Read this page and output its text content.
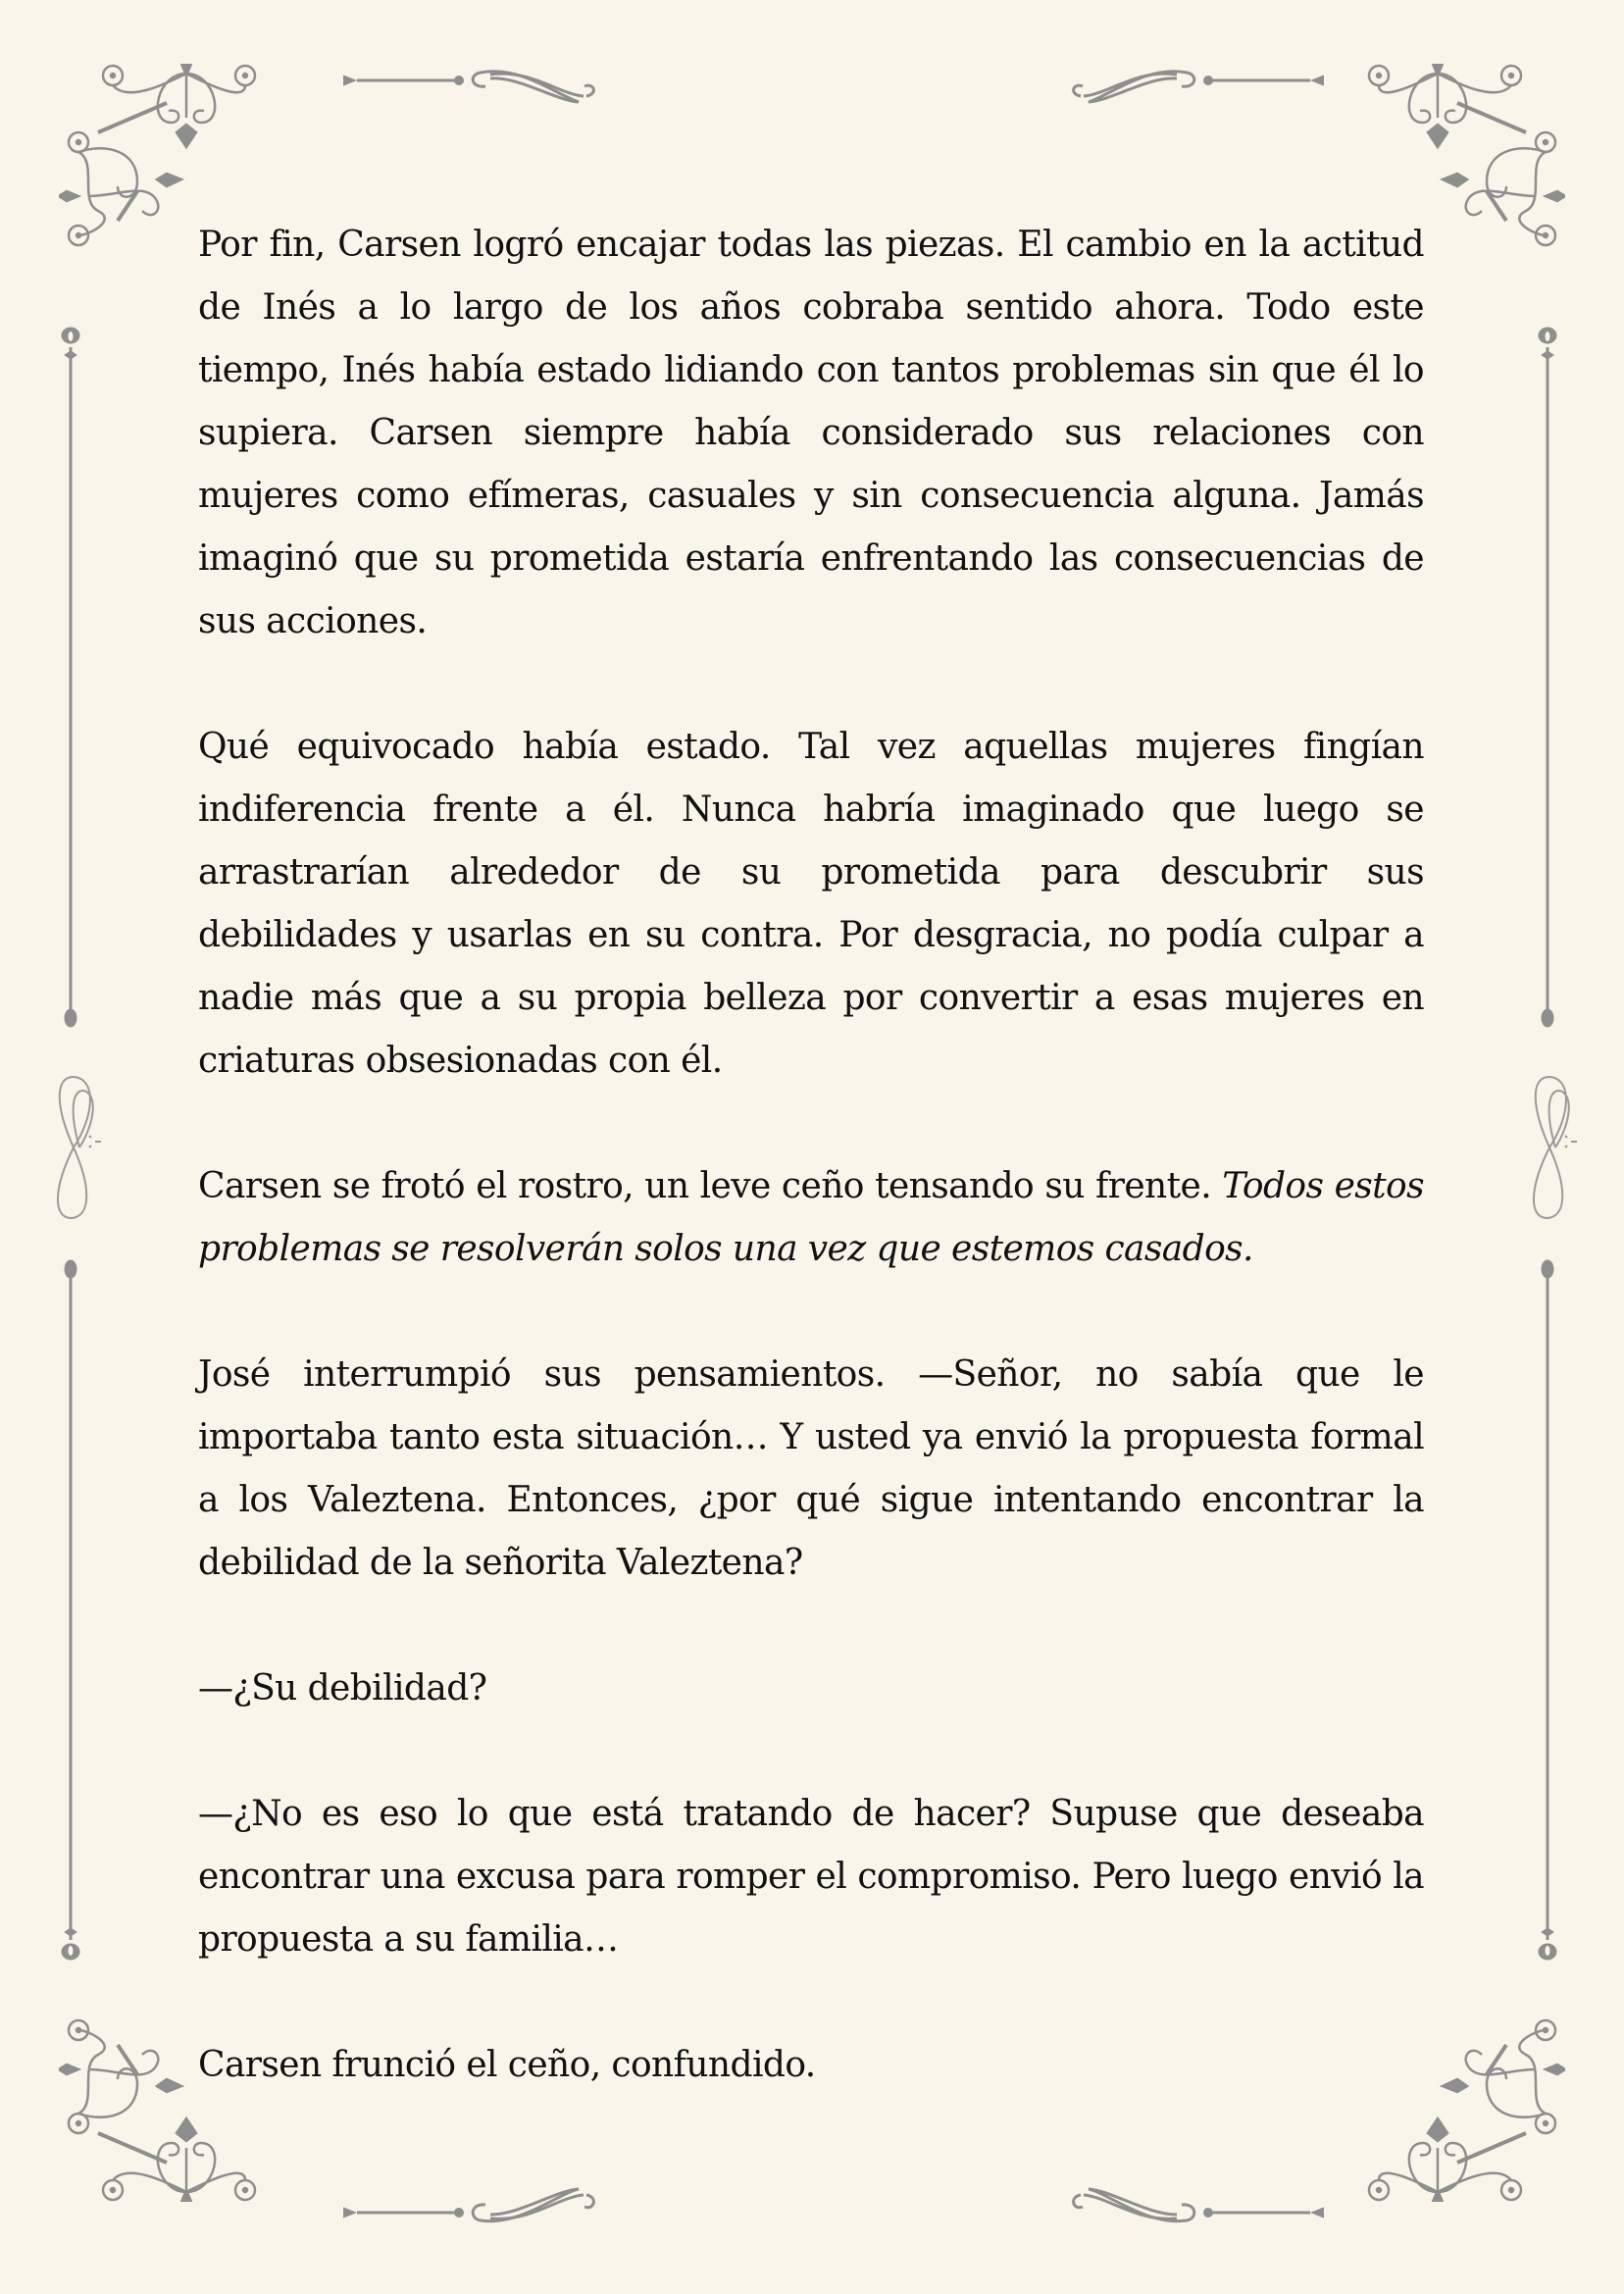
Por fin, Carsen logró encajar todas las piezas. El cambio en la actitud de Inés a lo largo de los años cobraba sentido ahora. Todo este tiempo, Inés había estado lidiando con tantos problemas sin que él lo supiera. Carsen siempre había considerado sus relaciones con mujeres como efímeras, casuales y sin consecuencia alguna. Jamás imaginó que su prometida estaría enfrentando las consecuencias de sus acciones.

Qué equivocado había estado. Tal vez aquellas mujeres fingían indiferencia frente a él. Nunca habría imaginado que luego se arrastrarían alrededor de su prometida para descubrir sus debilidades y usarlas en su contra. Por desgracia, no podía culpar a nadie más que a su propia belleza por convertir a esas mujeres en criaturas obsesionadas con él.

Carsen se frotó el rostro, un leve ceño tensando su frente. Todos estos problemas se resolverán solos una vez que estemos casados.

José interrumpió sus pensamientos. —Señor, no sabía que le importaba tanto esta situación… Y usted ya envió la propuesta formal a los Valeztena. Entonces, ¿por qué sigue intentando encontrar la debilidad de la señorita Valeztena?

—¿Su debilidad?

—¿No es eso lo que está tratando de hacer? Supuse que deseaba encontrar una excusa para romper el compromiso. Pero luego envió la propuesta a su familia…

Carsen frunció el ceño, confundido.
